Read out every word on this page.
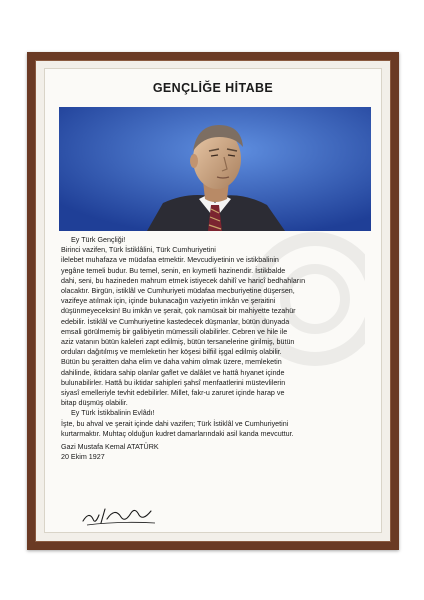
GENÇLİĞE HİTABE

Ey Türk Gençliği!

Birinci vazifen, Türk İstiklâlini, Türk Cumhuriyetini

ilelebet muhafaza ve müdafaa etmektir. Mevcudiyetinin ve istikbalinin

yegâne temeli budur. Bu temel, senin, en kıymetli hazinendir. İstikbalde

dahi, seni, bu hazineden mahrum etmek istiyecek dahilî ve haricî bedhahların

olacaktır. Birgün, istiklâl ve Cumhuriyeti müdafaa mecburiyetine düşersen,

vazifeye atılmak için, içinde bulunacağın vaziyetin imkân ve şeraitini

düşünmeyeceksin! Bu imkân ve şerait, çok namüsait bir mahiyette tezahür

edebilir. İstiklâl ve Cumhuriyetine kastedecek düşmanlar, bütün dünyada

emsali görülmemiş bir galibiyetin mümessili olabilirler. Cebren ve hile ile

aziz vatanın bütün kaleleri zapt edilmiş, bütün tersanelerine girilmiş, bütün

orduları dağıtılmış ve memleketin her köşesi bilfiil işgal edilmiş olabilir.

Bütün bu şeraitten daha elim ve daha vahim olmak üzere, memleketin

dahilinde, iktidara sahip olanlar gaflet ve dalâlet ve hattâ hıyanet içinde

bulunabilirler. Hattâ bu iktidar sahipleri şahsî menfaatlerini müstevlilerin

siyasî emelleriyle tevhit edebilirler. Millet, fakr-u zaruret içinde harap ve

bitap düşmüş olabilir.

Ey Türk İstikbalinin Evlâdı!

İşte, bu ahval ve şerait içinde dahi vazifen; Türk İstiklâl ve Cumhuriyetini

kurtarmaktır. Muhtaç olduğun kudret damarlarındaki asil kanda mevcuttur.

Gazi Mustafa Kemal ATATÜRK

20 Ekim 1927
